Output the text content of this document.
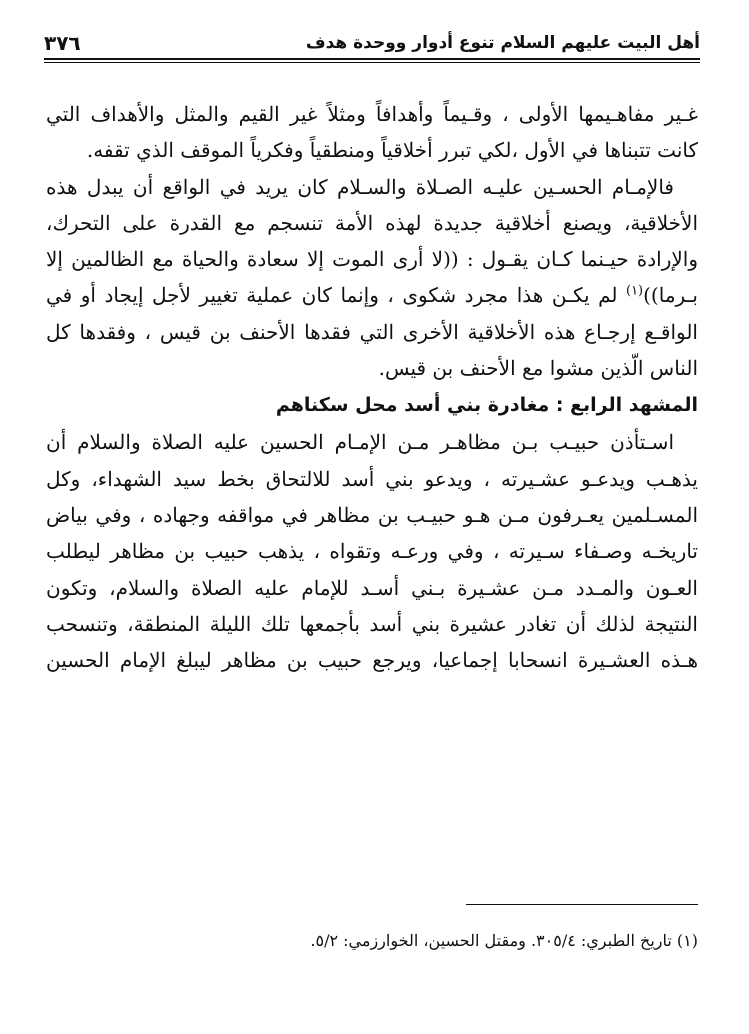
أهل البيت عليهم السلام تنوع أدوار ووحدة هدف
٣٧٦

غـير مفاهـيمها الأولى ، وقـيماً وأهدافاً ومثلاً غير القيم والمثل والأهداف التي كانت تتبناها في الأول ،لكي تبرر أخلاقياً ومنطقياً وفكرياً الموقف الذي تقفه.

فالإمـام الحسـين عليـه الصـلاة والسـلام كان يريد في الواقع أن يبدل هذه الأخلاقية، ويصنع أخلاقية جديدة لهذه الأمة تنسجم مع القدرة على التحرك، والإرادة حيـنما كـان يقـول : ((لا أرى الموت إلا سعادة والحياة مع الظالمين إلا بـرما))$^{(١)}$ لم يكـن هذا مجرد شكوى ، وإنما كان عملية تغيير لأجل إيجاد أو في الواقـع إرجـاع هذه الأخلاقية الأخرى التي فقدها الأحنف بن قيس ، وفقدها كل الناس الّذين مشوا مع الأحنف بن قيس.

المشهد الرابع : مغادرة بني أسد محل سكناهم

اسـتأذن حبيـب بـن مظاهـر مـن الإمـام الحسين عليه الصلاة والسلام أن يذهـب ويدعـو عشـيرته ، ويدعو بني أسد للالتحاق بخط سيد الشهداء، وكل المسـلمين يعـرفون مـن هـو حبيـب بن مظاهر في مواقفه وجهاده ، وفي بياض تاريخـه وصـفاء سـيرته ، وفي ورعـه وتقواه ، يذهب حبيب بن مظاهر ليطلب العـون والمـدد مـن عشـيرة بـني أسـد للإمام عليه الصلاة والسلام، وتكون النتيجة لذلك أن تغادر عشيرة بني أسد بأجمعها تلك الليلة المنطقة، وتنسحب هـذه العشـيرة انسحابا إجماعيا، ويرجع حبيب بن مظاهر ليبلغ الإمام الحسين

(١) تاريخ الطبري: ٣٠٥/٤. ومقتل الحسين، الخوارزمي: ٥/٢.
